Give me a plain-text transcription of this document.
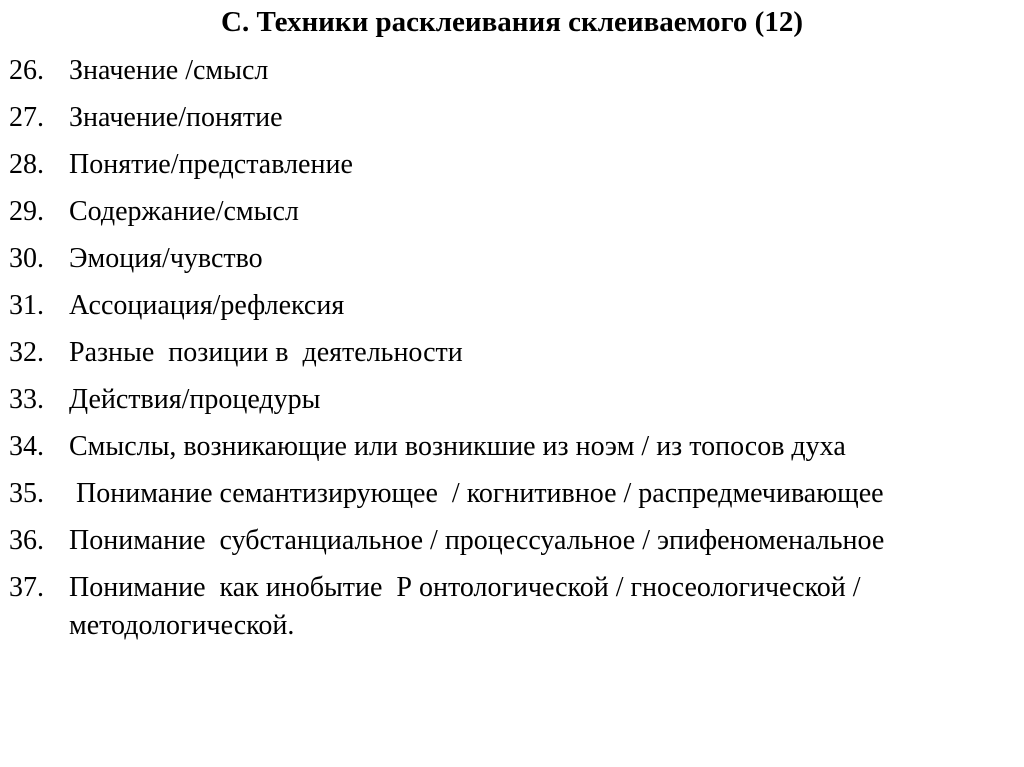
С. Техники расклеивания склеиваемого (12)
26. Значение /смысл
27. Значение/понятие
28. Понятие/представление
29. Содержание/смысл
30. Эмоция/чувство
31. Ассоциация/рефлексия
32. Разные  позиции в  деятельности
33. Действия/процедуры
34. Смыслы, возникающие или возникшие из ноэм / из топосов духа
35. Понимание семантизирующее  / когнитивное / распредмечивающее
36. Понимание  субстанциальное / процессуальное / эпифеноменальное
37. Понимание  как инобытие  Р онтологической / гносеологической / методологической.
